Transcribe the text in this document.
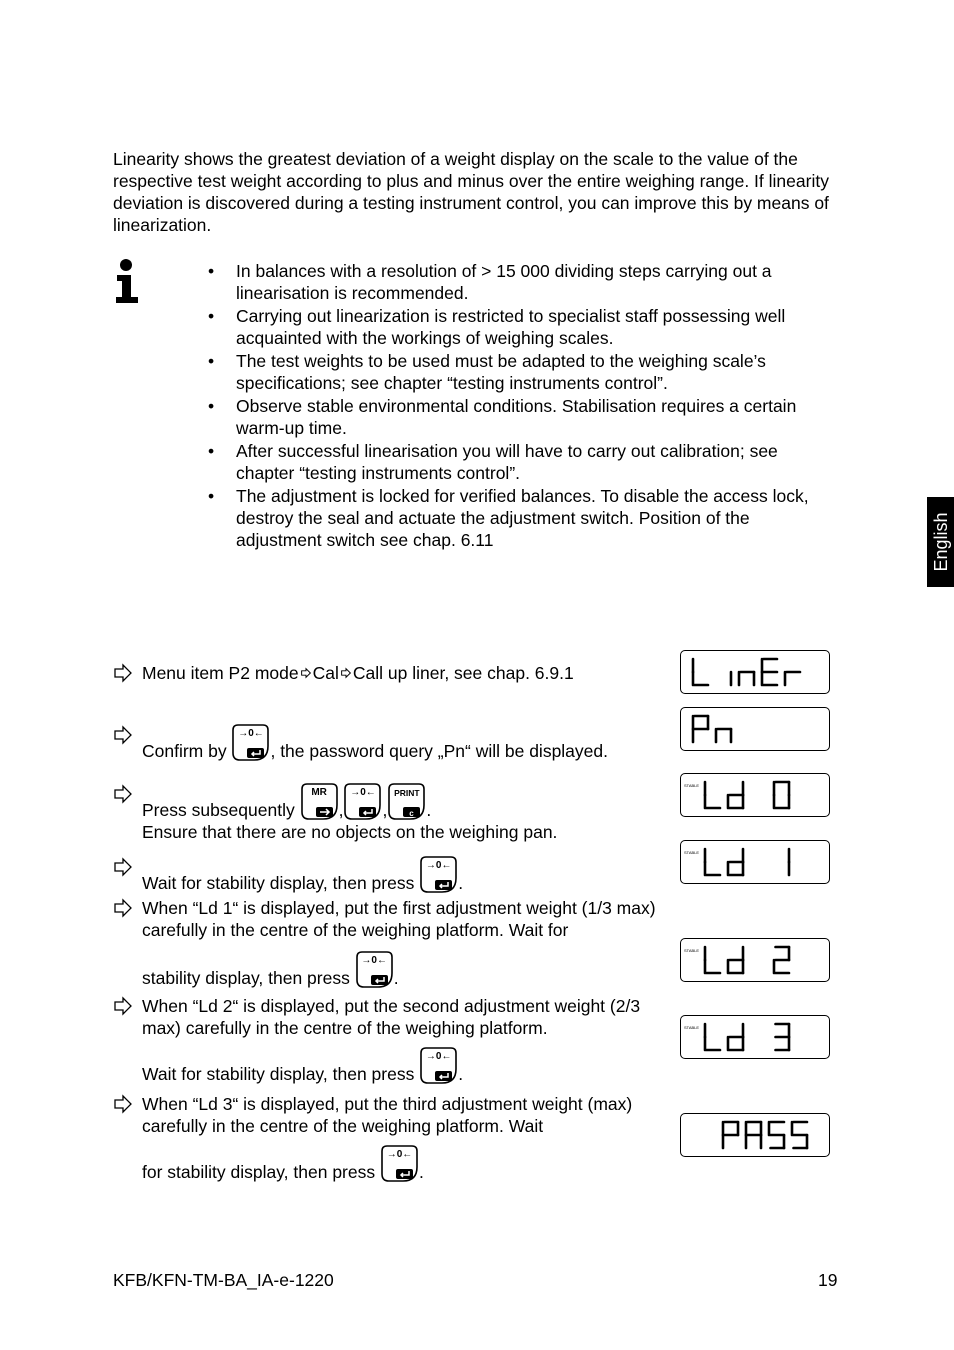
Linearity shows the greatest deviation of a weight display on the scale to the value of the respective test weight according to plus and minus over the entire weighing range. If linearity deviation is discovered during a testing instrument control, you can improve this by means of linearization.

• In balances with a resolution of > 15 000 dividing steps carrying out a linearisation is recommended.
• Carrying out linearization is restricted to specialist staff possessing well acquainted with the workings of weighing scales.
• The test weights to be used must be adapted to the weighing scale’s specifications; see chapter “testing instruments control”.
• Observe stable environmental conditions. Stabilisation requires a certain warm-up time.
• After successful linearisation you will have to carry out calibration; see chapter “testing instruments control”.
• The adjustment is locked for verified balances. To disable the access lock, destroy the seal and actuate the adjustment switch. Position of the adjustment switch see chap. 6.11	English
Menu item P2 mode Cal Call up liner, see chap. 6.9.1
Confirm by
→0←
, the password query „Pn“ will be displayed.
Press subsequently
MR
,
→0←
,	c
PRINT
.
Ensure that there are no objects on the weighing pan.
Wait for stability display, then press
→0←
.
When “Ld 1“ is displayed, put the first adjustment weight (1/3 max) carefully in the centre of the weighing platform. Wait for
stability display, then press
→0←
.
When “Ld 2“ is displayed, put the second adjustment weight (2/3 max) carefully in the centre of the weighing platform.
Wait for stability display, then press
→0←
.
When “Ld 3“ is displayed, put the third adjustment weight (max) carefully in the centre of the weighing platform. Wait
for stability display, then press
→0←
.
STABLE
STABLE
STABLE
STABLE
KFB/KFN-TM-BA_IA-e-1220	19
